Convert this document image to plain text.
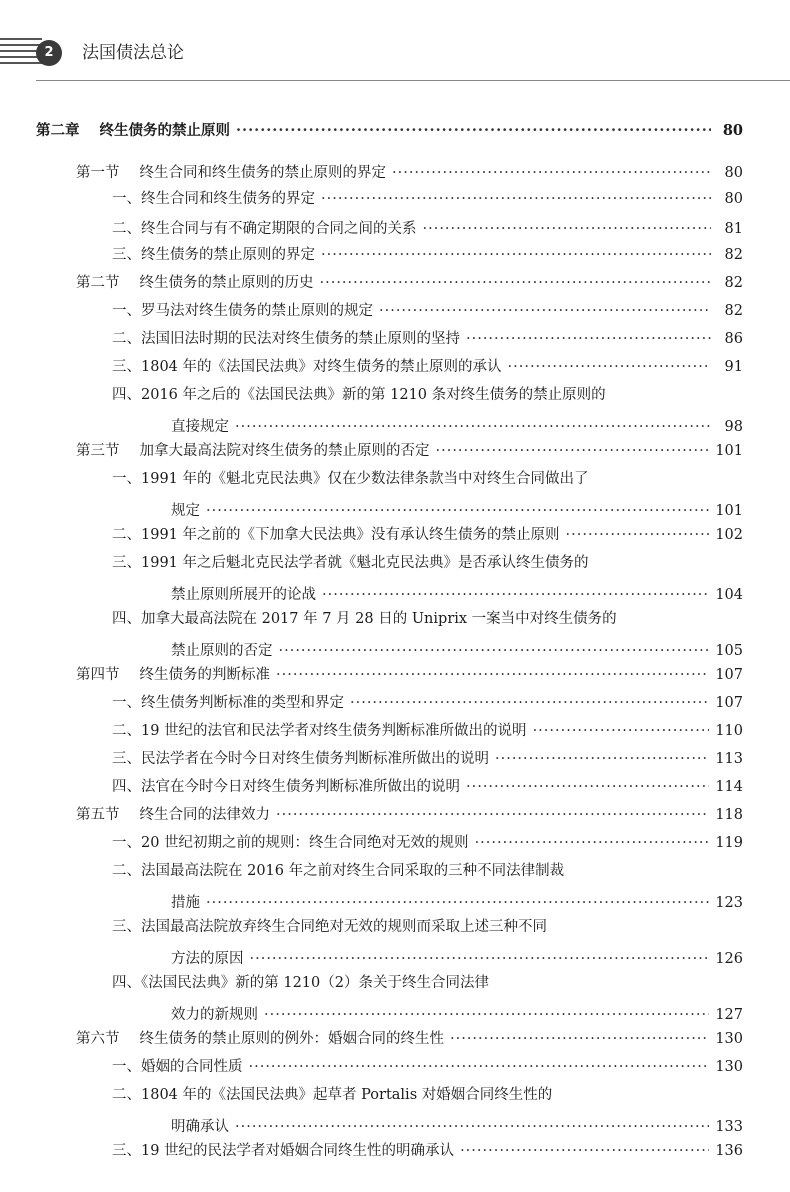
2	法国债法总论
第二章 终生债务的禁止原则 ·····	80
第一节 终生合同和终生债务的禁止原则的界定 ·····	80
一、终生合同和终生债务的界定 ·····	80
二、终生合同与有不确定期限的合同之间的关系 ·····	81
三、终生债务的禁止原则的界定 ·····	82
第二节 终生债务的禁止原则的历史 ·····	82
一、罗马法对终生债务的禁止原则的规定 ·····	82
二、法国旧法时期的民法对终生债务的禁止原则的坚持 ·····	86
三、1804 年的《法国民法典》对终生债务的禁止原则的承认 ·····	91
四、2016 年之后的《法国民法典》新的第 1210 条对终生债务的禁止原则的
直接规定 ·····	98
第三节 加拿大最高法院对终生债务的禁止原则的否定 ·····	101
一、1991 年的《魁北克民法典》仅在少数法律条款当中对终生合同做出了
规定 ·····	101
二、1991 年之前的《下加拿大民法典》没有承认终生债务的禁止原则 ·····	102
三、1991 年之后魁北克民法学者就《魁北克民法典》是否承认终生债务的
禁止原则所展开的论战 ·····	104
四、加拿大最高法院在 2017 年 7 月 28 日的 Uniprix 一案当中对终生债务的
禁止原则的否定 ·····	105
第四节 终生债务的判断标准 ·····	107
一、终生债务判断标准的类型和界定 ·····	107
二、19 世纪的法官和民法学者对终生债务判断标准所做出的说明 ·····	110
三、民法学者在今时今日对终生债务判断标准所做出的说明 ·····	113
四、法官在今时今日对终生债务判断标准所做出的说明 ·····	114
第五节 终生合同的法律效力 ·····	118
一、20 世纪初期之前的规则：终生合同绝对无效的规则 ·····	119
二、法国最高法院在 2016 年之前对终生合同采取的三种不同法律制裁
措施 ·····	123
三、法国最高法院放弃终生合同绝对无效的规则而采取上述三种不同
方法的原因 ·····	126
四、《法国民法典》新的第 1210（2）条关于终生合同法律
效力的新规则 ·····	127
第六节 终生债务的禁止原则的例外：婚姻合同的终生性 ·····	130
一、婚姻的合同性质 ·····	130
二、1804 年的《法国民法典》起草者 Portalis 对婚姻合同终生性的
明确承认 ·····	133
三、19 世纪的民法学者对婚姻合同终生性的明确承认 ·····	136
